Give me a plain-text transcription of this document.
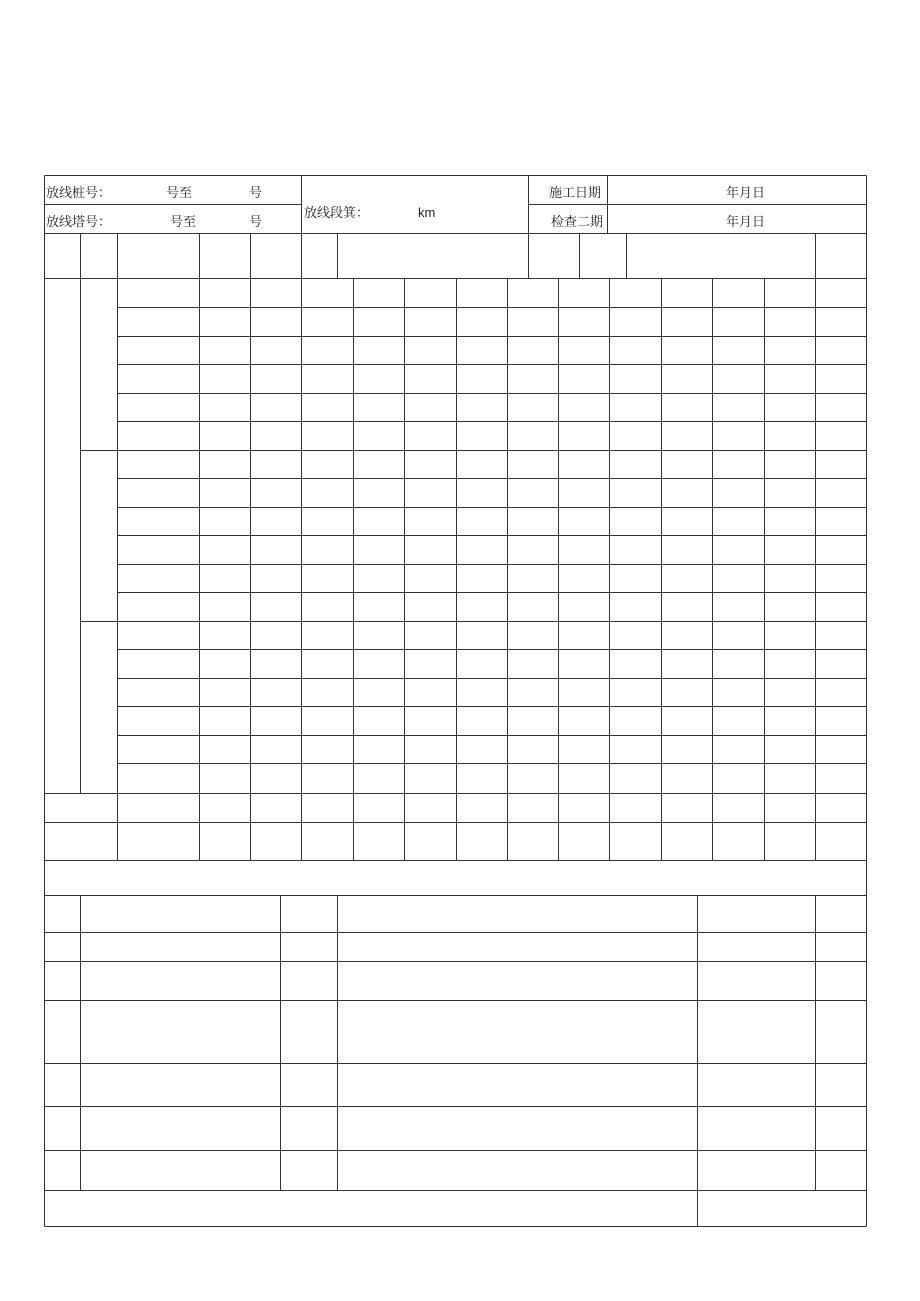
放线桩号：	号至	号
放线塔号：	号至	号
放线段箕：	km
施工日期	年月日
检查二期	年月日
